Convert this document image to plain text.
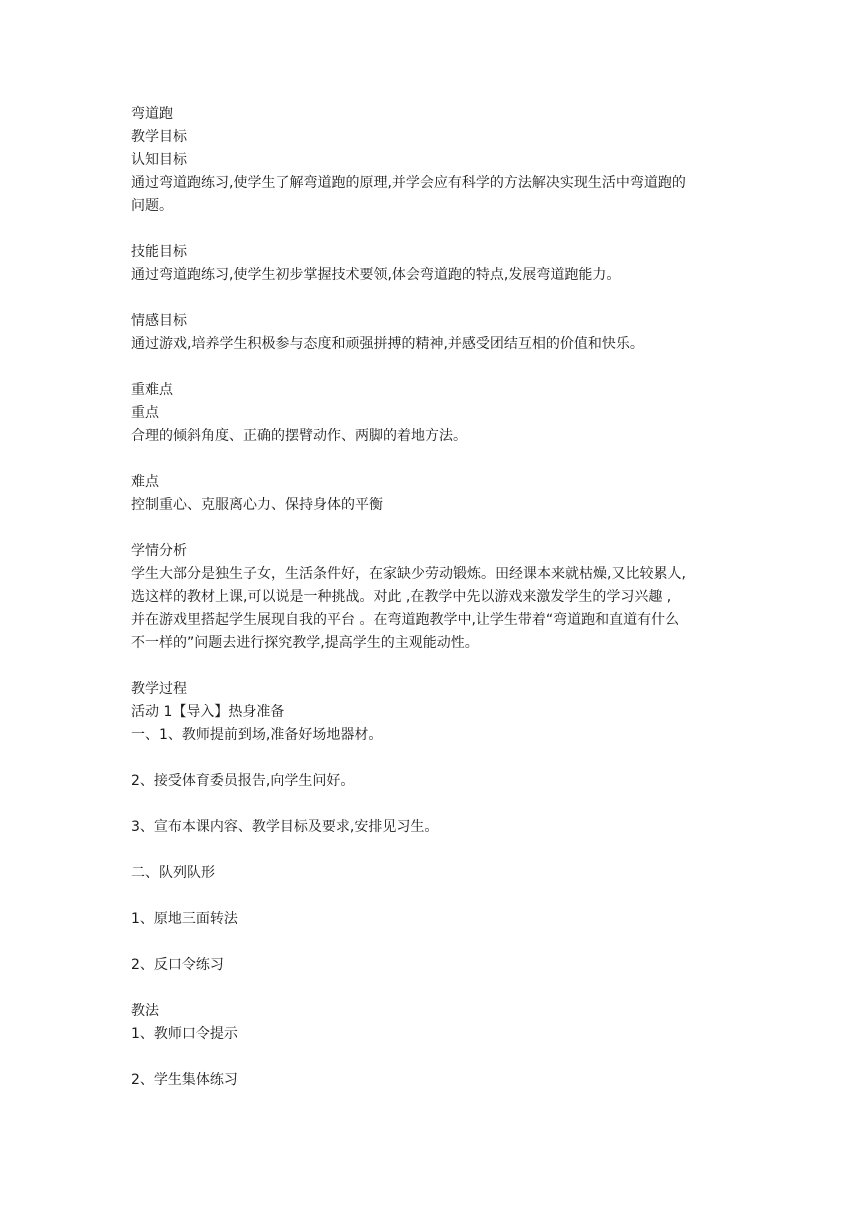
弯道跑
教学目标
认知目标
通过弯道跑练习,使学生了解弯道跑的原理,并学会应有科学的方法解决实现生活中弯道跑的
问题。
技能目标
通过弯道跑练习,使学生初步掌握技术要领,体会弯道跑的特点,发展弯道跑能力。
情感目标
通过游戏,培养学生积极参与态度和顽强拼搏的精神,并感受团结互相的价值和快乐。
重难点
重点
合理的倾斜角度、正确的摆臂动作、两脚的着地方法。
难点
控制重心、克服离心力、保持身体的平衡
学情分析
学生大部分是独生子女，生活条件好，在家缺少劳动锻炼。田经课本来就枯燥,又比较累人,
选这样的教材上课,可以说是一种挑战。对此 ,在教学中先以游戏来激发学生的学习兴趣 ,
并在游戏里搭起学生展现自我的平台 。在弯道跑教学中,让学生带着“弯道跑和直道有什么
不一样的”问题去进行探究教学,提高学生的主观能动性。
教学过程
活动 1【导入】热身准备
一、1、教师提前到场,准备好场地器材。
2、接受体育委员报告,向学生问好。
3、宣布本课内容、教学目标及要求,安排见习生。
二、队列队形
1、原地三面转法
2、反口令练习
教法
1、教师口令提示
2、学生集体练习
